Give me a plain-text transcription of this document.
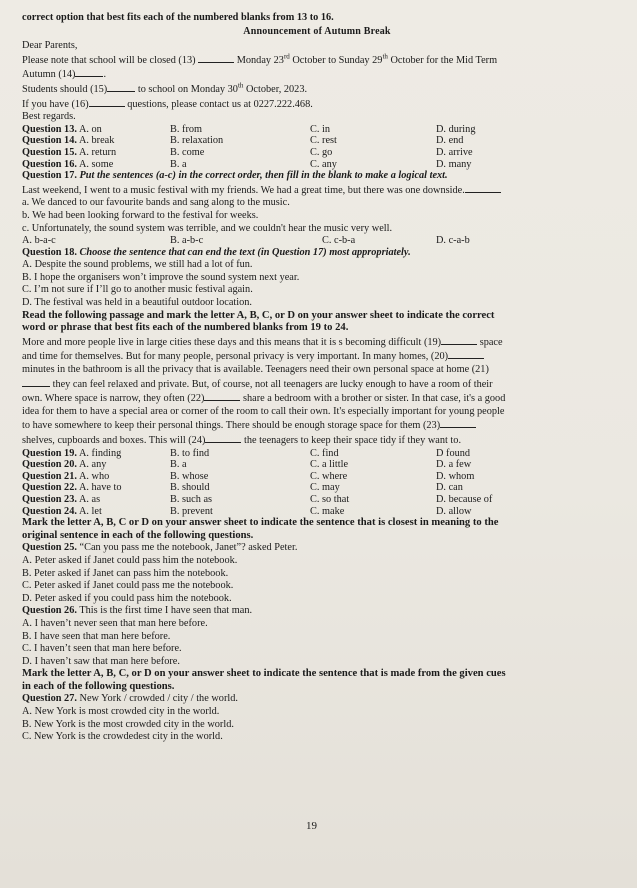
correct option that best fits each of the numbered blanks from 13 to 16.
Announcement of Autumn Break
Dear Parents,
Please note that school will be closed (13)	Monday 23rd October to Sunday 29th October for the Mid Term
Autumn (14)	.
Students should (15)	to school on Monday 30th October, 2023.
If you have (16)	questions, please contact us at 0227.222.468.
Best regards.
Question 13. A. on	B. from	C. in	D. during
Question 14. A. break	B. relaxation	C. rest	D. end
Question 15. A. return	B. come	C. go	D. arrive
Question 16. A. some	B. a	C. any	D. many
Question 17. Put the sentences (a-c) in the correct order, then fill in the blank to make a logical text.
Last weekend, I went to a music festival with my friends. We had a great time, but there was one downside.
a. We danced to our favourite bands and sang along to the music.
b. We had been looking forward to the festival for weeks.
c. Unfortunately, the sound system was terrible, and we couldn't hear the music very well.
A. b-a-c	B. a-b-c	C. c-b-a	D. c-a-b
Question 18. Choose the sentence that can end the text (in Question 17) most appropriately.
A. Despite the sound problems, we still had a lot of fun.
B. I hope the organisers won’t improve the sound system next year.
C. I’m not sure if I’ll go to another music festival again.
D. The festival was held in a beautiful outdoor location.
Read the following passage and mark the letter A, B, C, or D on your answer sheet to indicate the correct
word or phrase that best fits each of the numbered blanks from 19 to 24.
More and more people live in large cities these days and this means that it is s becoming difficult (19)	space
and time for themselves. But for many people, personal privacy is very important. In many homes, (20)
minutes in the bathroom is all the privacy that is available. Teenagers need their own personal space at home (21)
they can feel relaxed and private. But, of course, not all teenagers are lucky enough to have a room of their
own. Where space is narrow, they often (22)	share a bedroom with a brother or sister. In that case, it's a good
idea for them to have a special area or corner of the room to call their own. It's especially important for young people
to have somewhere to keep their personal things. There should be enough storage space for them (23)
shelves, cupboards and boxes. This will (24)	the teenagers to keep their space tidy if they want to.
Question 19. A. finding	B. to find	C. find	D found
Question 20. A. any	B. a	C. a little	D. a few
Question 21. A. who	B. whose	C. where	D. whom
Question 22. A. have to	B. should	C. may	D. can
Question 23. A. as	B. such as	C. so that	D. because of
Question 24. A. let	B. prevent	C. make	D. allow
Mark the letter A, B, C or D on your answer sheet to indicate the sentence that is closest in meaning to the
original sentence in each of the following questions.
Question 25. “Can you pass me the notebook, Janet”? asked Peter.
A. Peter asked if Janet could pass him the notebook.
B. Peter asked if Janet can pass him the notebook.
C. Peter asked if Janet could pass me the notebook.
D. Peter asked if you could pass him the notebook.
Question 26. This is the first time I have seen that man.
A. I haven’t never seen that man here before.
B. I have seen that man here before.
C. I haven’t seen that man here before.
D. I haven’t saw that man here before.
Mark the letter A, B, C, or D on your answer sheet to indicate the sentence that is made from the given cues
in each of the following questions.
Question 27. New York / crowded / city / the world.
A. New York is most crowded city in the world.
B. New York is the most crowded city in the world.
C. New York is the crowdedest city in the world.
19
